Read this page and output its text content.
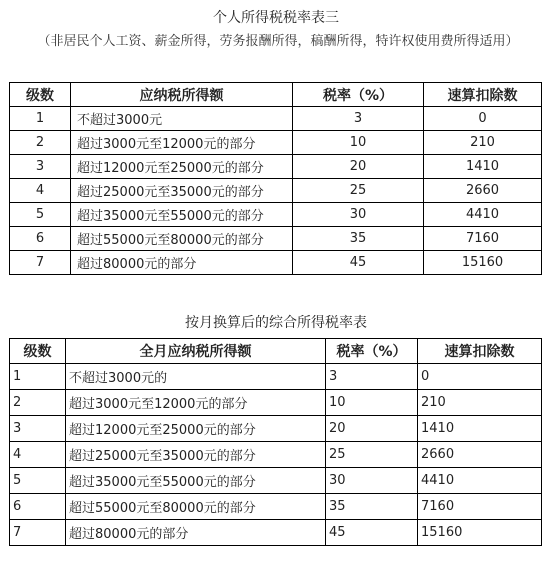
个人所得税税率表三
（非居民个人工资、薪金所得，劳务报酬所得，稿酬所得，特许权使用费所得适用）
级数	应纳税所得额	税率（%）	速算扣除数
1	不超过3000元	3	0
2	超过3000元至12000元的部分	10	210
3	超过12000元至25000元的部分	20	1410
4	超过25000元至35000元的部分	25	2660
5	超过35000元至55000元的部分	30	4410
6	超过55000元至80000元的部分	35	7160
7	超过80000元的部分	45	15160
按月换算后的综合所得税率表
级数	全月应纳税所得额	税率（%）	速算扣除数
1	不超过3000元的	3	0
2	超过3000元至12000元的部分	10	210
3	超过12000元至25000元的部分	20	1410
4	超过25000元至35000元的部分	25	2660
5	超过35000元至55000元的部分	30	4410
6	超过55000元至80000元的部分	35	7160
7	超过80000元的部分	45	15160
